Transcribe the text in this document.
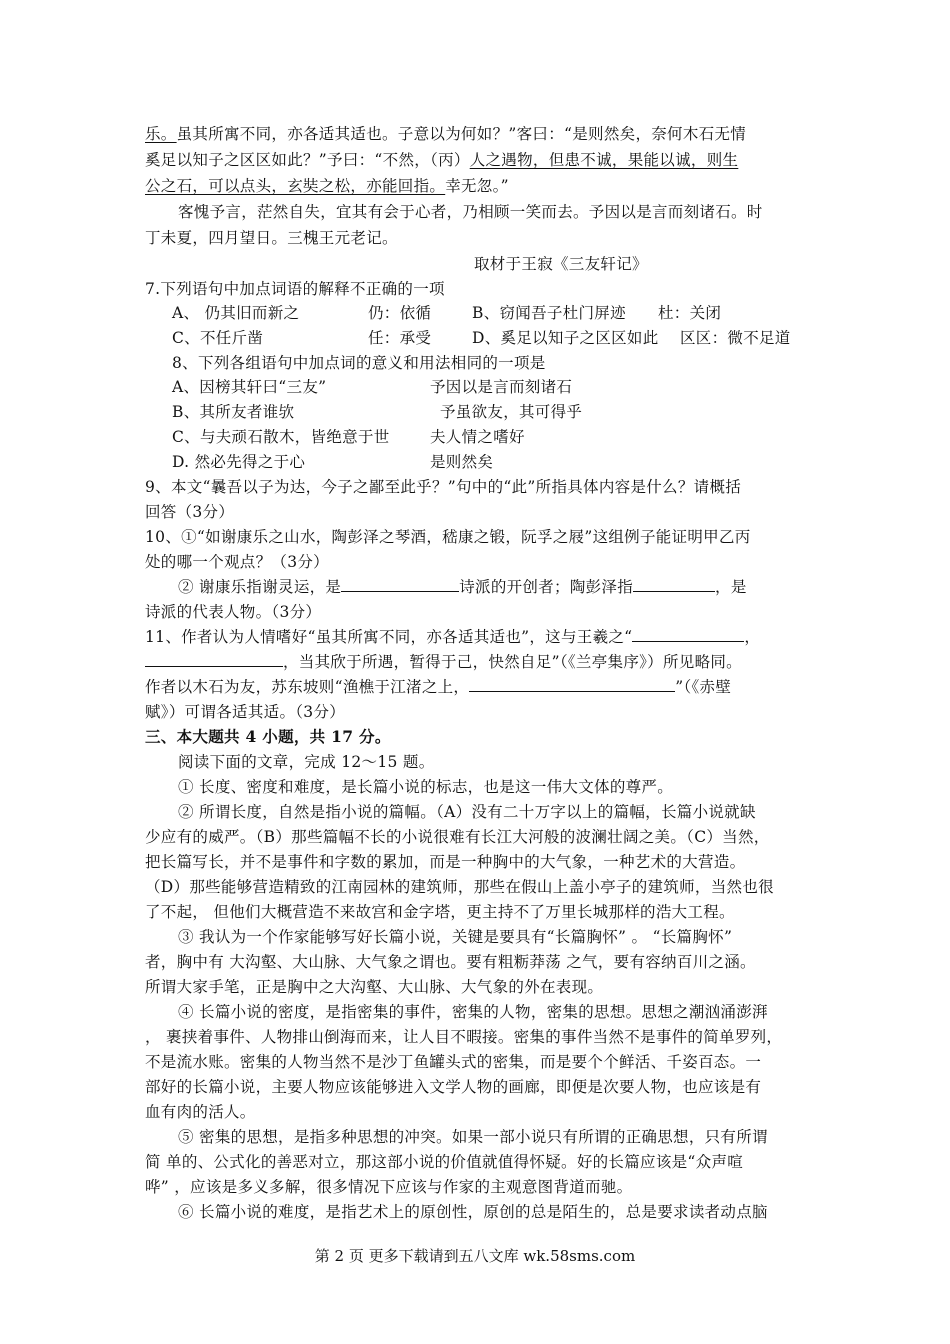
乐。虽其所寓不同，亦各适其适也。子意以为何如？”客曰：“是则然矣，奈何木石无情
奚足以知子之区区如此？”予曰：“不然，（丙）人之遇物，但患不诚，果能以诚，则生
公之石，可以点头，玄奘之松，亦能回指。幸无忽。”
客愧予言，茫然自失，宜其有会于心者，乃相顾一笑而去。予因以是言而刻诸石。时
丁未夏，四月望日。三槐王元老记。
取材于王寂《三友轩记》
7.下列语句中加点词语的解释不正确的一项
A、 仍其旧而新之	仍：依循	B、窃闻吾子杜门屏迹 杜：关闭
C、不任斤凿	任：承受	D、奚足以知子之区区如此 区区：微不足道
8、下列各组语句中加点词的意义和用法相同的一项是
A、因榜其轩曰“三友”	予因以是言而刻诸石
B、其所友者谁欤	予虽欲友，其可得乎
C、与夫顽石散木，皆绝意于世	夫人情之嗜好
D. 然必先得之于心	是则然矣
9、本文“曩吾以子为达，今子之鄙至此乎？”句中的“此”所指具体内容是什么？请概括
回答（3分）
10、①“如谢康乐之山水，陶彭泽之琴酒，嵇康之锻，阮孚之屐”这组例子能证明甲乙丙
处的哪一个观点？（3分）
② 谢康乐指谢灵运，是	诗派的开创者；陶彭泽指	，是
诗派的代表人物。（3分）
11、作者认为人情嗜好“虽其所寓不同，亦各适其适也”，这与王羲之“	，
，当其欣于所遇，暂得于己，快然自足”（《兰亭集序》）所见略同。
作者以木石为友，苏东坡则“渔樵于江渚之上，	”（《赤壁
赋》）可谓各适其适。（3分）
三、本大题共 4 小题，共 17 分。
阅读下面的文章，完成 12～15 题。
① 长度、密度和难度，是长篇小说的标志，也是这一伟大文体的尊严。
② 所谓长度，自然是指小说的篇幅。（A）没有二十万字以上的篇幅，长篇小说就缺
少应有的威严。（B）那些篇幅不长的小说很难有长江大河般的波澜壮阔之美。（C）当然，
把长篇写长，并不是事件和字数的累加，而是一种胸中的大气象，一种艺术的大营造。
（D）那些能够营造精致的江南园林的建筑师，那些在假山上盖小亭子的建筑师，当然也很
了不起， 但他们大概营造不来故宫和金字塔，更主持不了万里长城那样的浩大工程。
③ 我认为一个作家能够写好长篇小说，关键是要具有“长篇胸怀” 。 “长篇胸怀”
者，胸中有 大沟壑、大山脉、大气象之谓也。要有粗粝莽荡 之气，要有容纳百川之涵。
所谓大家手笔，正是胸中之大沟壑、大山脉、大气象的外在表现。
④ 长篇小说的密度，是指密集的事件，密集的人物，密集的思想。思想之潮汹涌澎湃
， 裹挟着事件、人物排山倒海而来，让人目不暇接。密集的事件当然不是事件的简单罗列，
不是流水账。密集的人物当然不是沙丁鱼罐头式的密集，而是要个个鲜活、千姿百态。一
部好的长篇小说，主要人物应该能够进入文学人物的画廊，即便是次要人物，也应该是有
血有肉的活人。
⑤ 密集的思想，是指多种思想的冲突。如果一部小说只有所谓的正确思想，只有所谓
简 单的、公式化的善恶对立，那这部小说的价值就值得怀疑。好的长篇应该是“众声喧
哗” ，应该是多义多解，很多情况下应该与作家的主观意图背道而驰。
⑥ 长篇小说的难度，是指艺术上的原创性，原创的总是陌生的，总是要求读者动点脑
第 2 页 更多下载请到五八文库 wk.58sms.com
